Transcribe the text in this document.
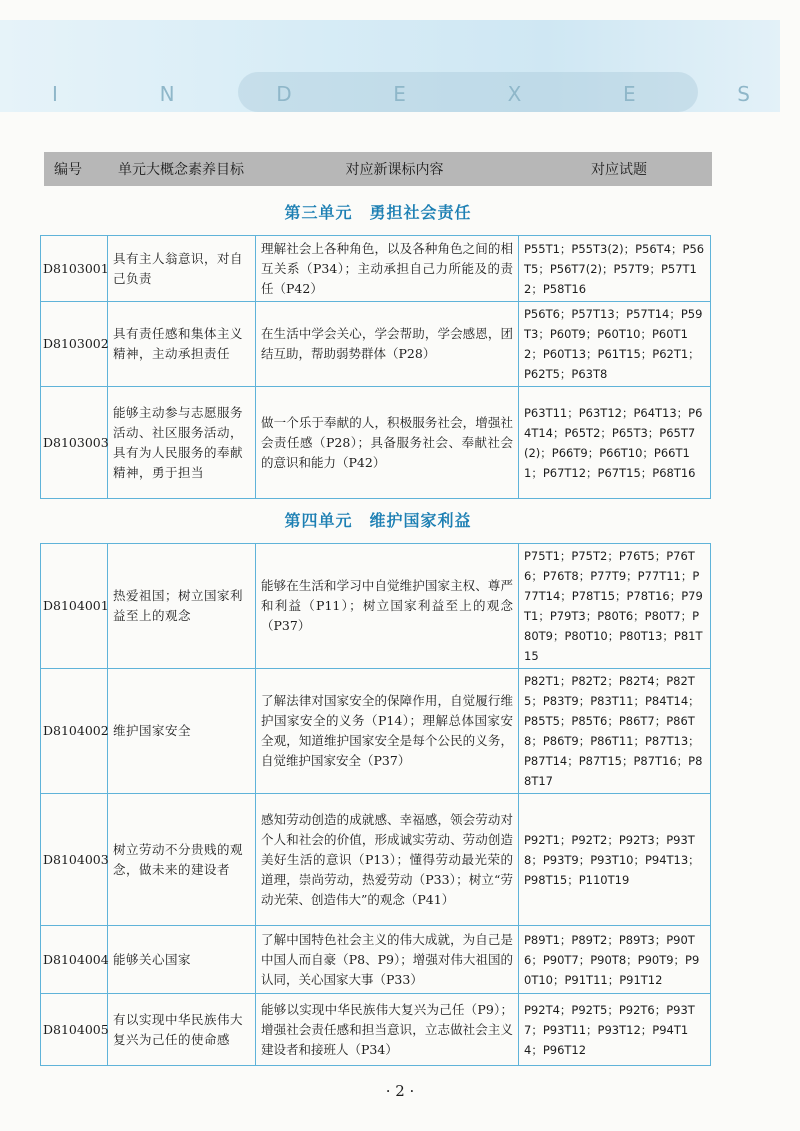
I	N	D	E	X	E	S
编号	单元大概念素养目标	对应新课标内容	对应试题
第三单元　勇担社会责任
D8103001	具有主人翁意识，对自己负责	理解社会上各种角色，以及各种角色之间的相互关系（P34）；主动承担自己力所能及的责任（P42）	P55T1；P55T3(2)；P56T4；P56T5；P56T7(2)；P57T9；P57T12；P58T16
D8103002	具有责任感和集体主义精神，主动承担责任	在生活中学会关心，学会帮助，学会感恩，团结互助，帮助弱势群体（P28）	P56T6；P57T13；P57T14；P59T3；P60T9；P60T10；P60T12；P60T13；P61T15；P62T1；P62T5；P63T8
D8103003	能够主动参与志愿服务活动、社区服务活动，具有为人民服务的奉献精神，勇于担当	做一个乐于奉献的人，积极服务社会，增强社会责任感（P28）；具备服务社会、奉献社会的意识和能力（P42）	P63T11；P63T12；P64T13；P64T14；P65T2；P65T3；P65T7(2)；P66T9；P66T10；P66T11；P67T12；P67T15；P68T16
第四单元　维护国家利益
D8104001	热爱祖国；树立国家利益至上的观念	能够在生活和学习中自觉维护国家主权、尊严和利益（P11）；树立国家利益至上的观念（P37）	P75T1；P75T2；P76T5；P76T6；P76T8；P77T9；P77T11；P77T14；P78T15；P78T16；P79T1；P79T3；P80T6；P80T7；P80T9；P80T10；P80T13；P81T15
D8104002	维护国家安全	了解法律对国家安全的保障作用，自觉履行维护国家安全的义务（P14）；理解总体国家安全观，知道维护国家安全是每个公民的义务，自觉维护国家安全（P37）	P82T1；P82T2；P82T4；P82T5；P83T9；P83T11；P84T14；P85T5；P85T6；P86T7；P86T8；P86T9；P86T11；P87T13；P87T14；P87T15；P87T16；P88T17
D8104003	树立劳动不分贵贱的观念，做未来的建设者	感知劳动创造的成就感、幸福感，领会劳动对个人和社会的价值，形成诚实劳动、劳动创造美好生活的意识（P13）；懂得劳动最光荣的道理，崇尚劳动，热爱劳动（P33）；树立“劳动光荣、创造伟大”的观念（P41）	P92T1；P92T2；P92T3；P93T8；P93T9；P93T10；P94T13；P98T15；P110T19
D8104004	能够关心国家	了解中国特色社会主义的伟大成就，为自己是中国人而自豪（P8、P9）；增强对伟大祖国的认同，关心国家大事（P33）	P89T1；P89T2；P89T3；P90T6；P90T7；P90T8；P90T9；P90T10；P91T11；P91T12
D8104005	有以实现中华民族伟大复兴为己任的使命感	能够以实现中华民族伟大复兴为己任（P9）；增强社会责任感和担当意识，立志做社会主义建设者和接班人（P34）	P92T4；P92T5；P92T6；P93T7；P93T11；P93T12；P94T14；P96T12
· 2 ·
